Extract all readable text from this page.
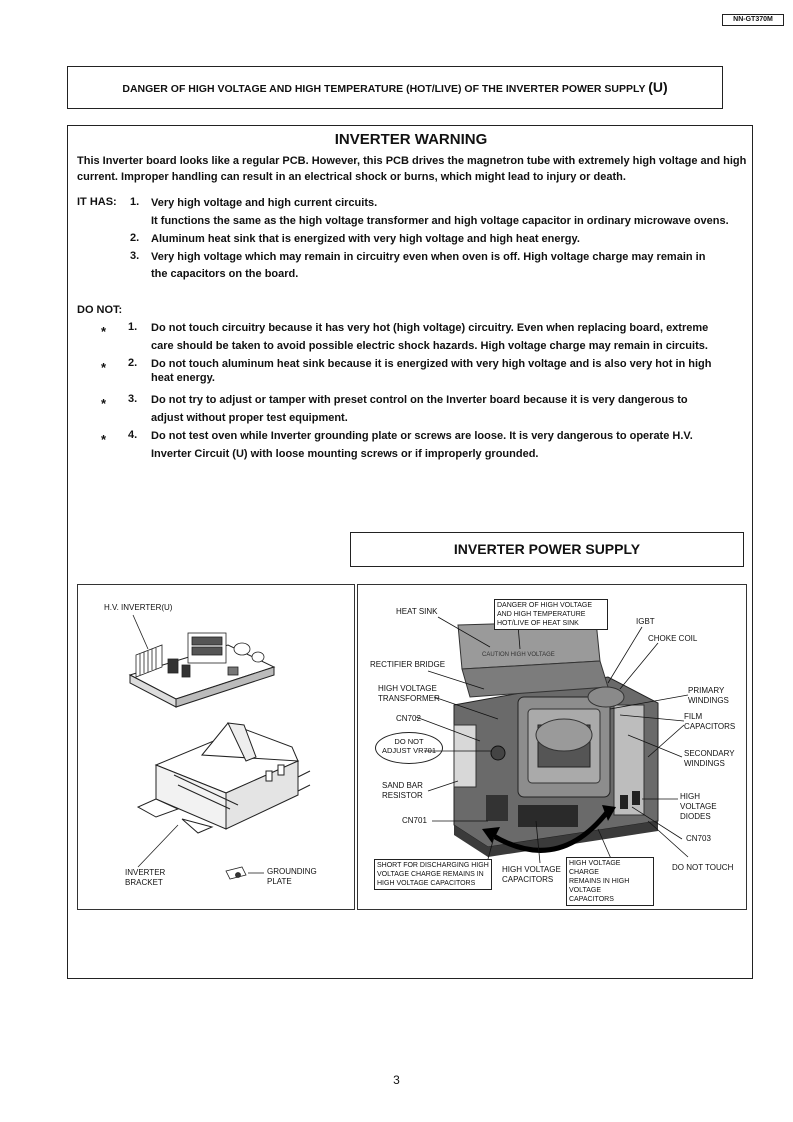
NN-GT370M
DANGER OF HIGH VOLTAGE AND HIGH TEMPERATURE (HOT/LIVE) OF THE INVERTER POWER SUPPLY (U)
INVERTER WARNING
This Inverter board looks like a regular PCB. However, this PCB drives the magnetron tube with extremely high voltage and high current. Improper handling can result in an electrical shock or burns, which might lead to injury or death.
IT HAS: 1. Very high voltage and high current circuits.
It functions the same as the high voltage transformer and high voltage capacitor in ordinary microwave ovens.
2. Aluminum heat sink that is energized with very high voltage and high heat energy.
3. Very high voltage which may remain in circuitry even when oven is off. High voltage charge may remain in
the capacitors on the board.
DO NOT:
* 1. Do not touch circuitry because it has very hot (high voltage) circuitry. Even when replacing board, extreme
care should be taken to avoid possible electric shock hazards. High voltage charge may remain in circuits.
* 2. Do not touch aluminum heat sink because it is energized with very high voltage and is also very hot in high
heat energy.
* 3. Do not try to adjust or tamper with preset control on the Inverter board because it is very dangerous to
adjust without proper test equipment.
* 4. Do not test oven while Inverter grounding plate or screws are loose. It is very dangerous to operate H.V.
Inverter Circuit (U) with loose mounting screws or if improperly grounded.
INVERTER POWER SUPPLY
H.V. INVERTER(U)
INVERTER
BRACKET
GROUNDING
PLATE
CAUTION HIGH VOLTAGE
HEAT SINK
DANGER OF HIGH VOLTAGE
AND HIGH TEMPERATURE
HOT/LIVE OF HEAT SINK	IGBT
CHOKE COIL
RECTIFIER BRIDGE
HIGH VOLTAGE
TRANSFORMER
PRIMARY
WINDINGS
FILM
CAPACITORS
CN702
DO NOT
ADJUST VR701	SECONDARY
WINDINGS
SAND BAR
RESISTOR	HIGH
VOLTAGE
DIODES
CN701
CN703
SHORT FOR DISCHARGING HIGH
VOLTAGE CHARGE REMAINS IN
HIGH VOLTAGE CAPACITORS
HIGH VOLTAGE
CAPACITORS
HIGH VOLTAGE CHARGE
REMAINS IN HIGH VOLTAGE
CAPACITORS
DO NOT TOUCH
3
